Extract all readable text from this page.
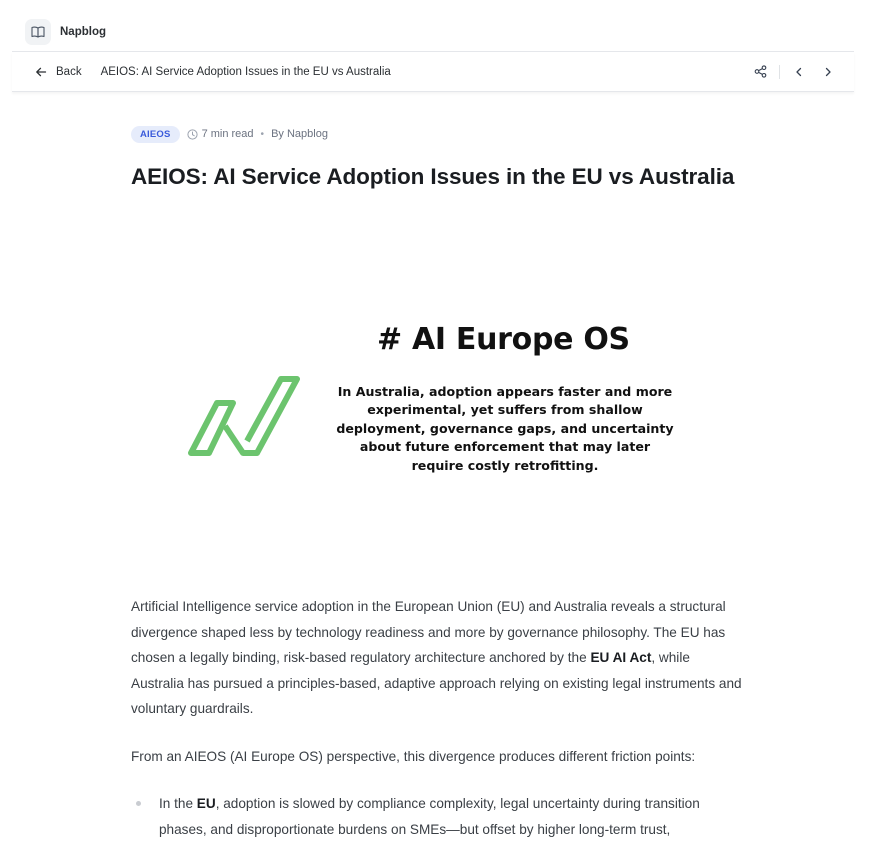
Napblog
Back AEIOS: AI Service Adoption Issues in the EU vs Australia
AIEOS	7 min read • By Napblog
AEIOS: AI Service Adoption Issues in the EU vs Australia
# AI Europe OS
In Australia, adoption appears faster and more experimental, yet suffers from shallow deployment, governance gaps, and uncertainty about future enforcement that may later require costly retrofitting.

Artificial Intelligence service adoption in the European Union (EU) and Australia reveals a structural divergence shaped less by technology readiness and more by governance philosophy. The EU has chosen a legally binding, risk-based regulatory architecture anchored by the EU AI Act, while Australia has pursued a principles-based, adaptive approach relying on existing legal instruments and voluntary guardrails.

From an AIEOS (AI Europe OS) perspective, this divergence produces different friction points:

In the EU, adoption is slowed by compliance complexity, legal uncertainty during transition phases, and disproportionate burdens on SMEs—but offset by higher long-term trust,
